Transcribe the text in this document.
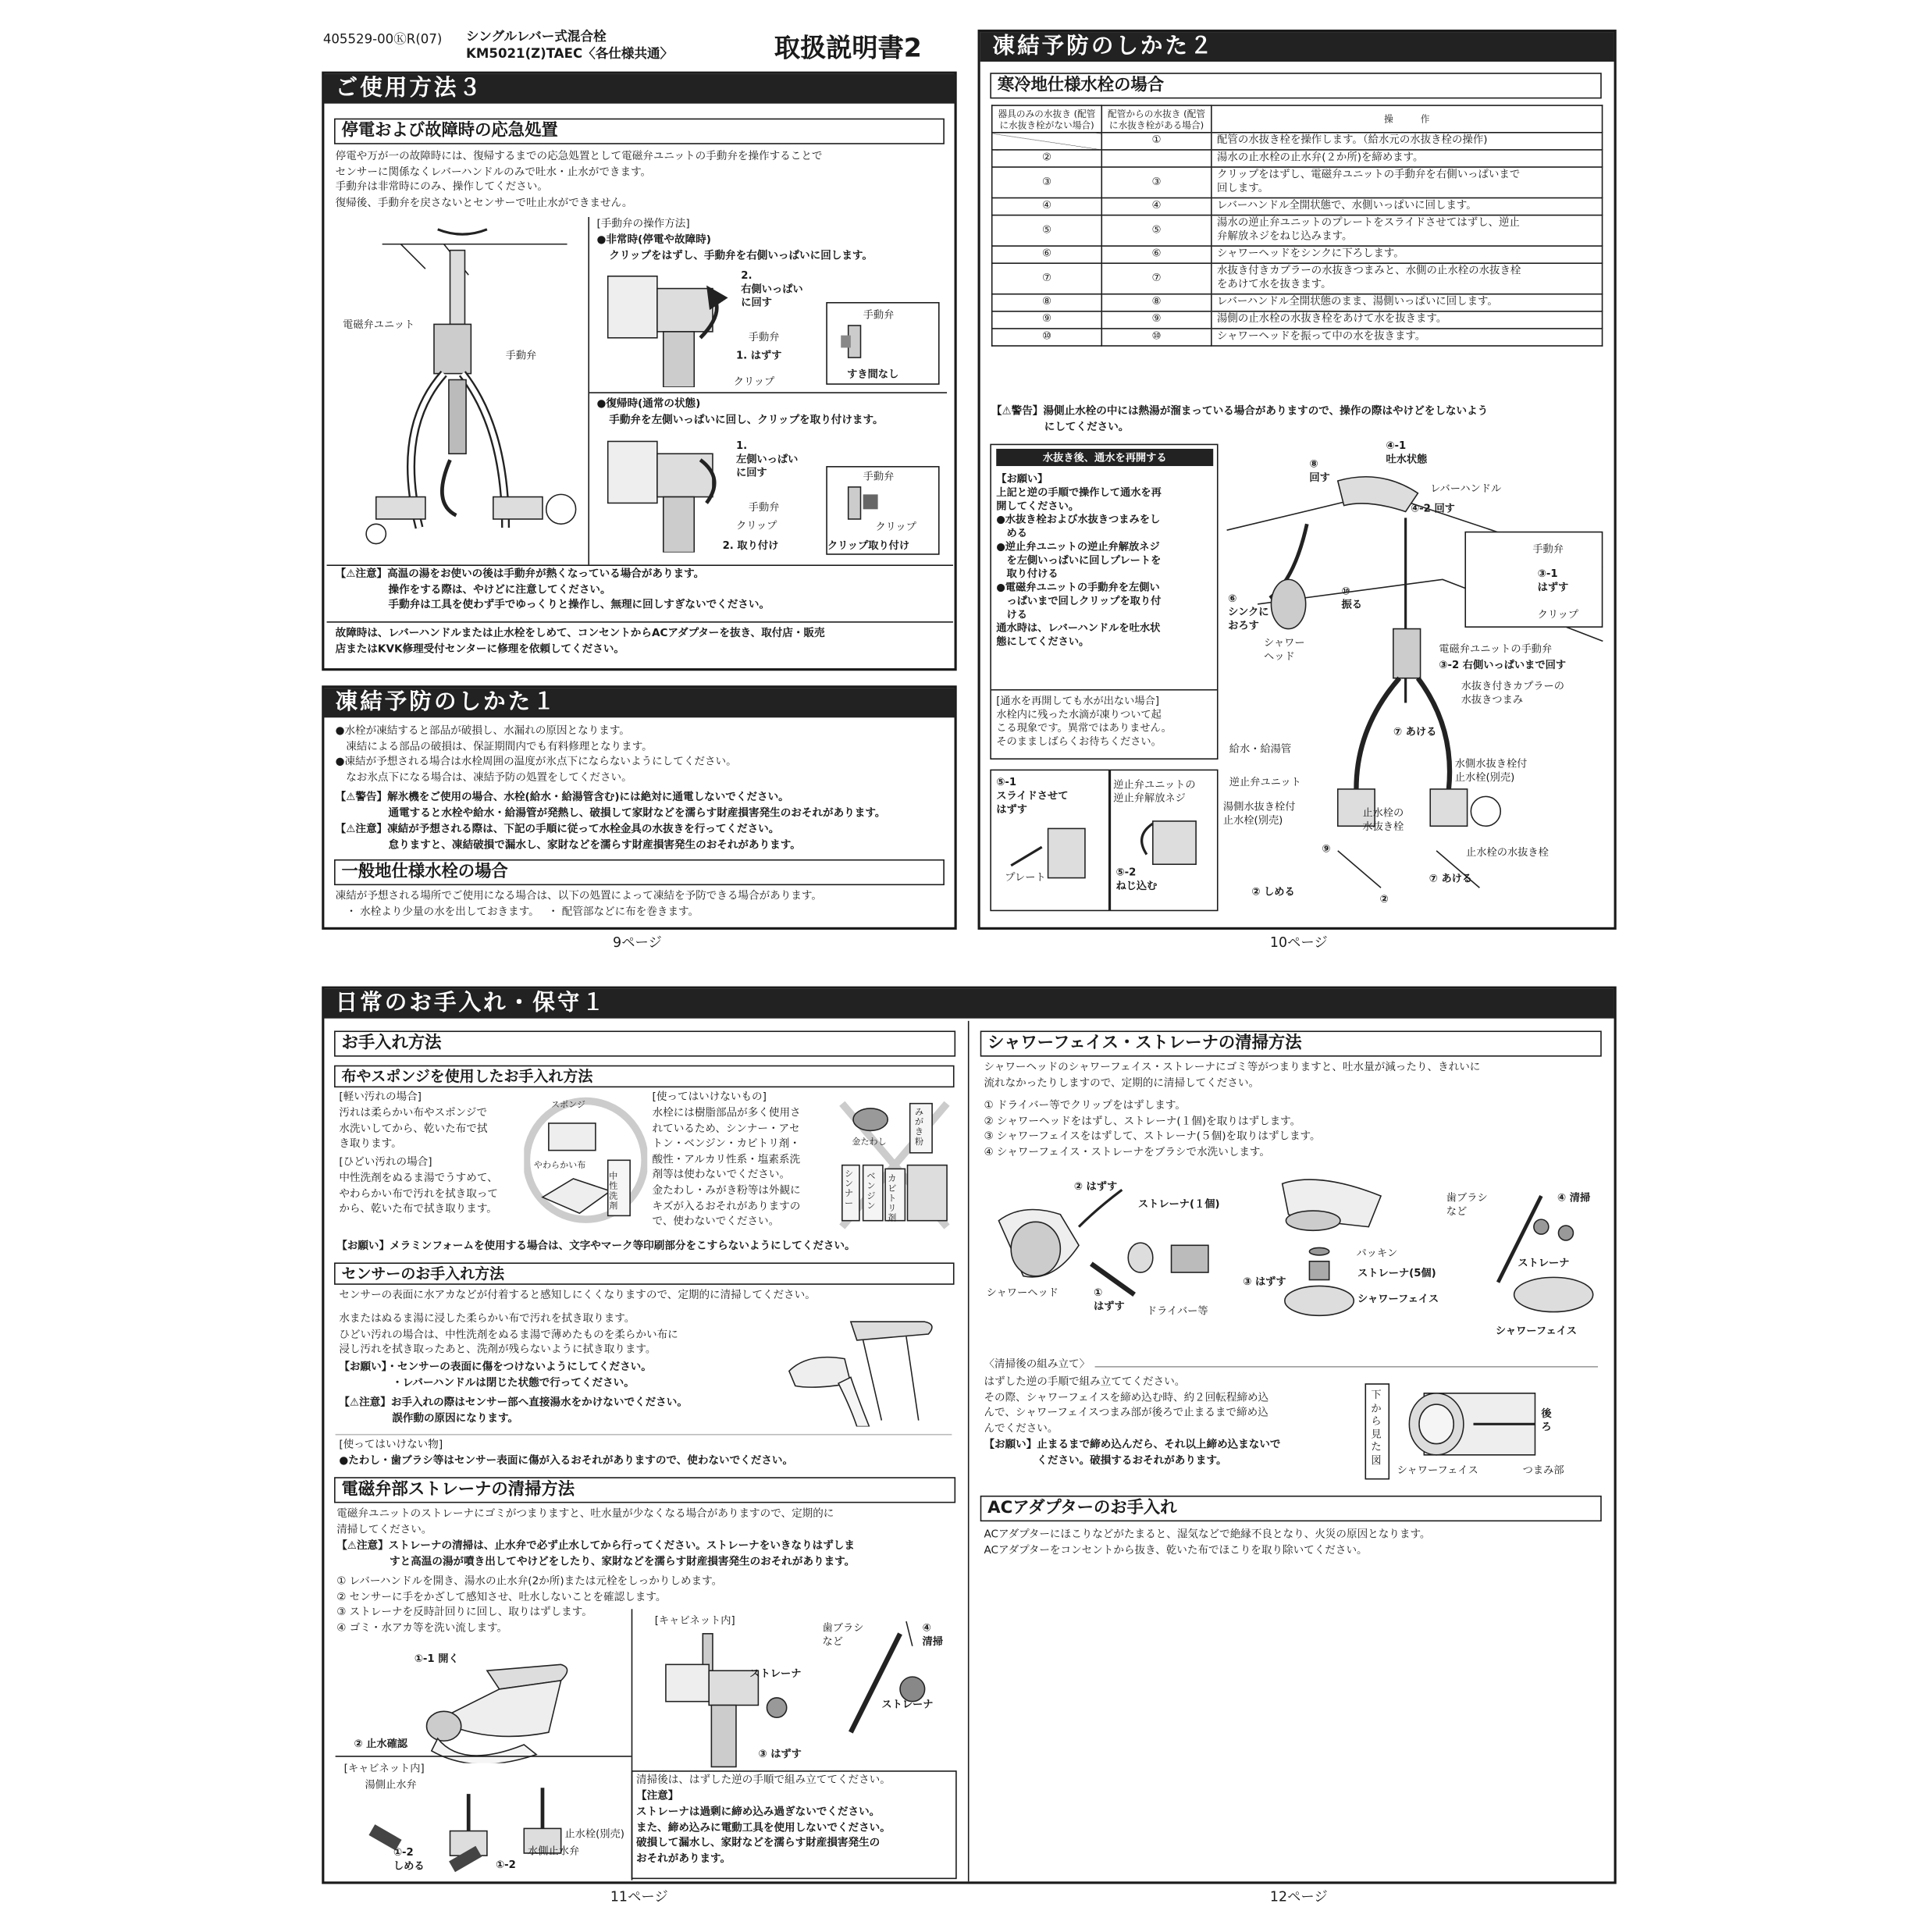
405529-00ⓀR(07)	シングルレバー式混合栓
KM5021(Z)TAEC〈各仕様共通〉	取扱説明書2
ご使用方法３
停電および故障時の応急処置
停電や万が一の故障時には、復帰するまでの応急処置として電磁弁ユニットの手動弁を操作することで
センサーに関係なくレバーハンドルのみで吐水・止水ができます。
手動弁は非常時にのみ、操作してください。
復帰後、手動弁を戻さないとセンサーで吐止水ができません。
電磁弁ユニット
手動弁
[手動弁の操作方法]
●非常時(停電や故障時)
クリップをはずし、手動弁を右側いっぱいに回します。
2.
右側いっぱい
に回す
手動弁
1. はずす
クリップ
手動弁
すき間なし
●復帰時(通常の状態)
手動弁を左側いっぱいに回し、クリップを取り付けます。
1.
左側いっぱい
に回す
手動弁
クリップ
2. 取り付け
手動弁
クリップ
クリップ取り付け
【⚠注意】高温の湯をお使いの後は手動弁が熱くなっている場合があります。
　　　　　操作をする際は、やけどに注意してください。
　　　　　手動弁は工具を使わず手でゆっくりと操作し、無理に回しすぎないでください。
故障時は、レバーハンドルまたは止水栓をしめて、コンセントからACアダプターを抜き、取付店・販売
店またはKVK修理受付センターに修理を依頼してください。
凍結予防のしかた１
●水栓が凍結すると部品が破損し、水漏れの原因となります。
　凍結による部品の破損は、保証期間内でも有料修理となります。
●凍結が予想される場合は水栓周囲の温度が氷点下にならないようにしてください。
　なお氷点下になる場合は、凍結予防の処置をしてください。
【⚠警告】解氷機をご使用の場合、水栓(給水・給湯管含む)には絶対に通電しないでください。
　　　　　通電すると水栓や給水・給湯管が発熱し、破損して家財などを濡らす財産損害発生のおそれがあります。
【⚠注意】凍結が予想される際は、下記の手順に従って水栓金具の水抜きを行ってください。
　　　　　怠りますと、凍結破損で漏水し、家財などを濡らす財産損害発生のおそれがあります。
一般地仕様水栓の場合
凍結が予想される場所でご使用になる場合は、以下の処置によって凍結を予防できる場合があります。
　・ 水栓より少量の水を出しておきます。　 ・ 配管部などに布を巻きます。
9ページ
凍結予防のしかた２
寒冷地仕様水栓の場合
器具のみの水抜き (配管に水抜き栓がない場合)	配管からの水抜き (配管に水抜き栓がある場合)	操　　　作
	①	配管の水抜き栓を操作します。（給水元の水抜き栓の操作)
②		湯水の止水栓の止水弁(２か所)を締めます。
③	③	クリップをはずし、電磁弁ユニットの手動弁を右側いっぱいまで
回します。
④	④	レバーハンドル全開状態で、水側いっぱいに回します。
⑤	⑤	湯水の逆止弁ユニットのプレートをスライドさせてはずし、逆止
弁解放ネジをねじ込みます。
⑥	⑥	シャワーヘッドをシンクに下ろします。
⑦	⑦	水抜き付きカプラーの水抜きつまみと、水側の止水栓の水抜き栓
をあけて水を抜きます。
⑧	⑧	レバーハンドル全開状態のまま、湯側いっぱいに回します。
⑨	⑨	湯側の止水栓の水抜き栓をあけて水を抜きます。
⑩	⑩	シャワーヘッドを振って中の水を抜きます。
【⚠警告】湯側止水栓の中には熱湯が溜まっている場合がありますので、操作の際はやけどをしないよう
　　　　　にしてください。
水抜き後、通水を再開する
【お願い】
上記と逆の手順で操作して通水を再
開してください。
●水抜き栓および水抜きつまみをし
　める
●逆止弁ユニットの逆止弁解放ネジ
　を左側いっぱいに回しプレートを
　取り付ける
●電磁弁ユニットの手動弁を左側い
　っぱいまで回しクリップを取り付
　ける
通水時は、レバーハンドルを吐水状
態にしてください。
[通水を再開しても水が出ない場合]
水栓内に残った水滴が凍りついて起
こる現象です。異常ではありません。
そのまましばらくお待ちください。
④-1
吐水状態
⑧
回す
レバーハンドル
④-2 回す
⑥
シンクに
おろす
シャワー
ヘッド
⑩
振る
手動弁
③-1
はずす
クリップ
電磁弁ユニットの手動弁
③-2 右側いっぱいまで回す
水抜き付きカプラーの
水抜きつまみ
⑦ あける
給水・給湯管
逆止弁ユニット
湯側水抜き栓付
止水栓(別売)
水側水抜き栓付
止水栓(別売)
止水栓の
水抜き栓
⑨
② しめる
⑦ あける
止水栓の水抜き栓
②
⑤-1
スライドさせて
はずす
プレート
逆止弁ユニットの
逆止弁解放ネジ
⑤-2
ねじ込む
10ページ
日常のお手入れ・保守１
お手入れ方法
布やスポンジを使用したお手入れ方法
[軽い汚れの場合]
汚れは柔らかい布やスポンジで
水洗いしてから、乾いた布で拭
き取ります。
[ひどい汚れの場合]
中性洗剤をぬるま湯でうすめて、
やわらかい布で汚れを拭き取って
から、乾いた布で拭き取ります。
スポンジ
やわらかい布
中性洗剤
[使ってはいけないもの]
水栓には樹脂部品が多く使用さ
れているため、シンナー・アセ
トン・ベンジン・カビトリ剤・
酸性・アルカリ性系・塩素系洗
剤等は使わないでください。
金たわし・みがき粉等は外観に
キズが入るおそれがありますの
で、使わないでください。
金たわし
シンナー
ベンジン
カビトリ剤
みがき粉
【お願い】メラミンフォームを使用する場合は、文字やマーク等印刷部分をこすらないようにしてください。
センサーのお手入れ方法
センサーの表面に水アカなどが付着すると感知しにくくなりますので、定期的に清掃してください。
水またはぬるま湯に浸した柔らかい布で汚れを拭き取ります。
ひどい汚れの場合は、中性洗剤をぬるま湯で薄めたものを柔らかい布に
浸し汚れを拭き取ったあと、洗剤が残らないように拭き取ります。
【お願い】・センサーの表面に傷をつけないようにしてください。
　　　　　・レバーハンドルは閉じた状態で行ってください。
【⚠注意】お手入れの際はセンサー部へ直接湯水をかけないでください。
　　　　　誤作動の原因になります。
[使ってはいけない物]
●たわし・歯ブラシ等はセンサー表面に傷が入るおそれがありますので、使わないでください。
電磁弁部ストレーナの清掃方法
電磁弁ユニットのストレーナにゴミがつまりますと、吐水量が少なくなる場合がありますので、定期的に
清掃してください。
【⚠注意】ストレーナの清掃は、止水弁で必ず止水してから行ってください。ストレーナをいきなりはずしま
　　　　　すと高温の湯が噴き出してやけどをしたり、家財などを濡らす財産損害発生のおそれがあります。
① レバーハンドルを開き、湯水の止水弁(2か所)または元栓をしっかりしめます。
② センサーに手をかざして感知させ、吐水しないことを確認します。
③ ストレーナを反時計回りに回し、取りはずします。
④ ゴミ・水アカ等を洗い流します。
①-1 開く
② 止水確認
[キャビネット内]
湯側止水弁
止水栓(別売)
水側止水弁
①-2
しめる	①-2
[キャビネット内]
ストレーナ
③ はずす
歯ブラシ
など
④
清掃
ストレーナ
清掃後は、はずした逆の手順で組み立ててください。
【注意】
ストレーナは過剰に締め込み過ぎないでください。
また、締め込みに電動工具を使用しないでください。
破損して漏水し、家財などを濡らす財産損害発生の
おそれがあります。
11ページ
シャワーフェイス・ストレーナの清掃方法
シャワーヘッドのシャワーフェイス・ストレーナにゴミ等がつまりますと、吐水量が減ったり、きれいに
流れなかったりしますので、定期的に清掃してください。
① ドライバー等でクリップをはずします。
② シャワーヘッドをはずし、ストレーナ(１個)を取りはずします。
③ シャワーフェイスをはずして、ストレーナ(５個)を取りはずします。
④ シャワーフェイス・ストレーナをブラシで水洗いします。
② はずす
ストレーナ(１個)
シャワーヘッド	①
はずす	ドライバー等
パッキン
ストレーナ(5個)
③ はずす
シャワーフェイス
歯ブラシ
など
④ 清掃
ストレーナ
シャワーフェイス
〈清掃後の組み立て〉
はずした逆の手順で組み立ててください。
その際、シャワーフェイスを締め込む時、約２回転程締め込
んで、シャワーフェイスつまみ部が後ろで止まるまで締め込
んでください。
【お願い】止まるまで締め込んだら、それ以上締め込まないで
　　　　　ください。破損するおそれがあります。
下から見た図
後
ろ
シャワーフェイス	つまみ部
ACアダプターのお手入れ
ACアダプターにほこりなどがたまると、湿気などで絶縁不良となり、火災の原因となります。
ACアダプターをコンセントから抜き、乾いた布でほこりを取り除いてください。
12ページ
